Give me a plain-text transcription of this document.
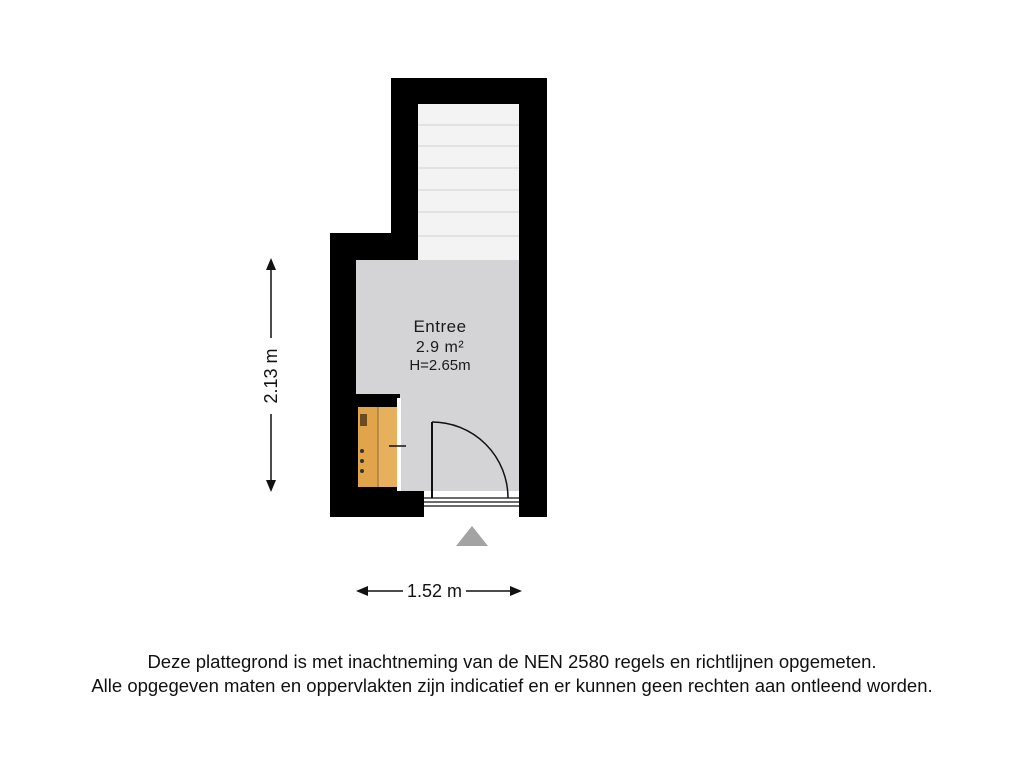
Entree
2.9 m²
H=2.65m
1.52 m
2.13 m
Deze plattegrond is met inachtneming van de NEN 2580 regels en richtlijnen opgemeten.
Alle opgegeven maten en oppervlakten zijn indicatief en er kunnen geen rechten aan ontleend worden.
